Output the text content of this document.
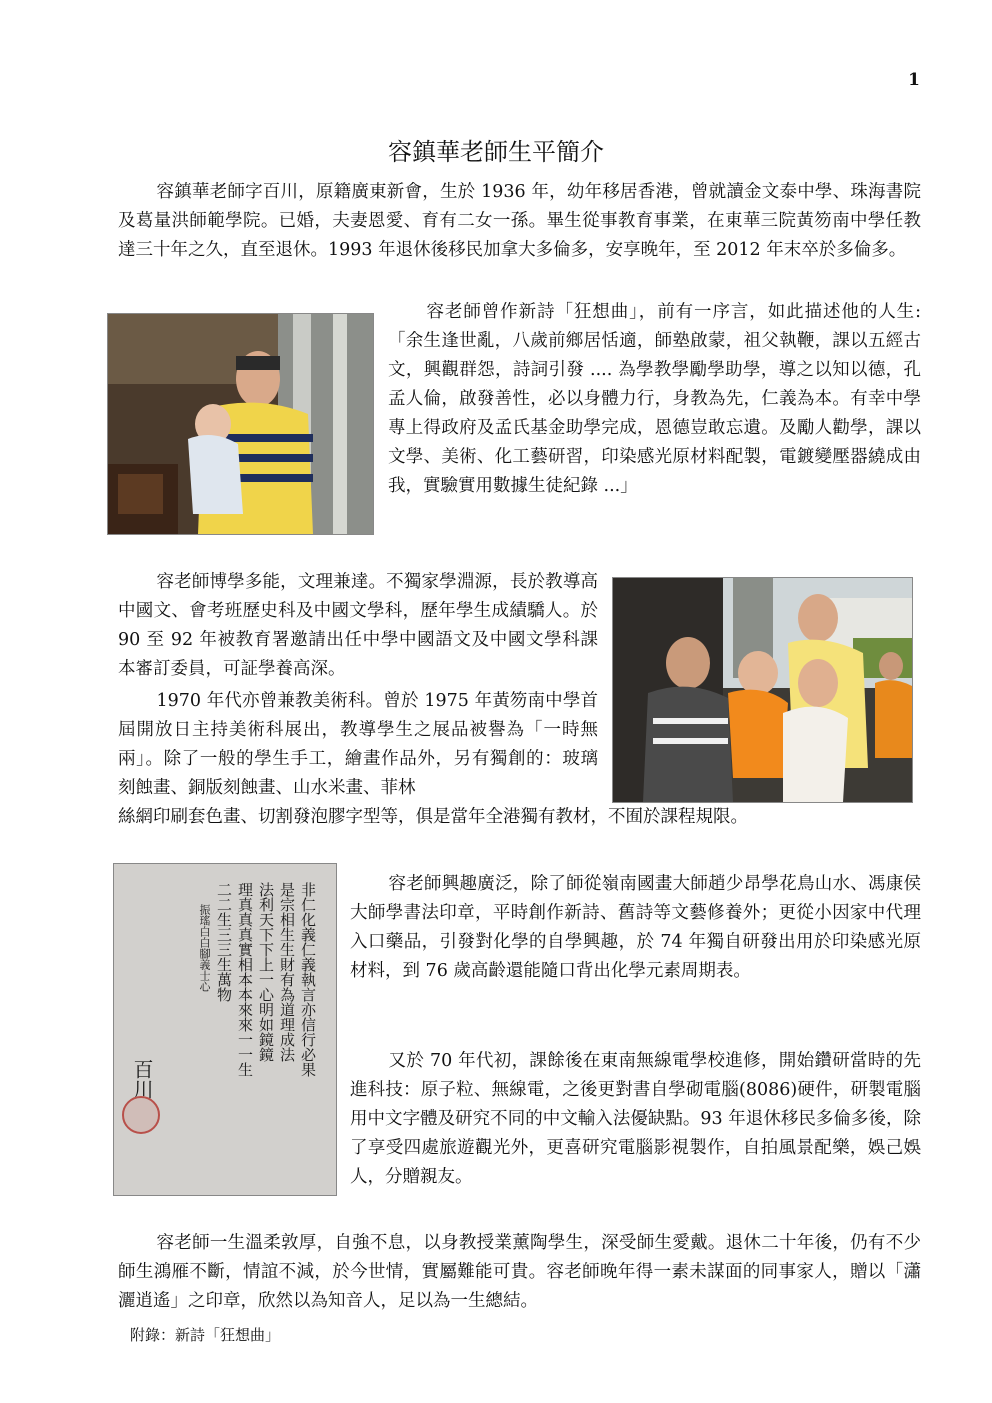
1
容鎮華老師生平簡介

容鎮華老師字百川，原籍廣東新會，生於 1936 年，幼年移居香港，曾就讀金文泰中學、珠海書院及葛量洪師範學院。已婚，夫妻恩愛、育有二女一孫。畢生從事教育事業，在東華三院黃笏南中學任教達三十年之久，直至退休。1993 年退休後移民加拿大多倫多，安享晚年，至 2012 年末卒於多倫多。

容老師曾作新詩「狂想曲」，前有一序言，如此描述他的人生:「余生逢世亂，八歲前鄉居恬適，師塾啟蒙，祖父執鞭，課以五經古文，興觀群怨，詩詞引發 .... 為學教學勵學助學，導之以知以德，孔孟人倫，啟發善性，必以身體力行，身教為先，仁義為本。有幸中學專上得政府及孟氏基金助學完成，恩德豈敢忘遺。及勵人勸學，課以文學、美術、化工藝研習，印染感光原材料配製，電鍍變壓器繞成由我，實驗實用數據生徒紀錄 ...」

容老師博學多能，文理兼達。不獨家學淵源，長於教導高中國文、會考班歷史科及中國文學科，歷年學生成績驕人。於 90 至 92 年被教育署邀請出任中學中國語文及中國文學科課本審訂委員，可証學養高深。

1970 年代亦曾兼教美術科。曾於 1975 年黃笏南中學首屆開放日主持美術科展出，教導學生之展品被譽為「一時無兩」。除了一般的學生手工，繪畫作品外，另有獨創的：玻璃刻蝕畫、銅版刻蝕畫、山水米畫、菲林

絲網印刷套色畫、切割發泡膠字型等，俱是當年全港獨有教材，不囿於課程規限。

非仁化義仁義執言亦信行必果
是宗相生生財有為道理成法
法利天下下上一心明如鏡鏡
理真真真實相本本來來一一生
二二生三三生萬物
振瑤白白腳義士心
百川

容老師興趣廣泛，除了師從嶺南國畫大師趙少昂學花鳥山水、馮康侯大師學書法印章，平時創作新詩、舊詩等文藝修養外；更從小因家中代理入口藥品，引發對化學的自學興趣，於 74 年獨自研發出用於印染感光原材料，到 76 歲高齡還能隨口背出化學元素周期表。

又於 70 年代初，課餘後在東南無線電學校進修，開始鑽研當時的先進科技：原子粒、無線電，之後更對書自學砌電腦(8086)硬件，研製電腦用中文字體及研究不同的中文輸入法優缺點。93 年退休移民多倫多後，除了享受四處旅遊觀光外，更喜研究電腦影視製作，自拍風景配樂，娛己娛人，分贈親友。

容老師一生溫柔敦厚，自強不息，以身教授業薰陶學生，深受師生愛戴。退休二十年後，仍有不少師生鴻雁不斷，情誼不減，於今世情，實屬難能可貴。容老師晚年得一素未謀面的同事家人，贈以「瀟灑逍遙」之印章，欣然以為知音人，足以為一生總結。

附錄：新詩「狂想曲」
